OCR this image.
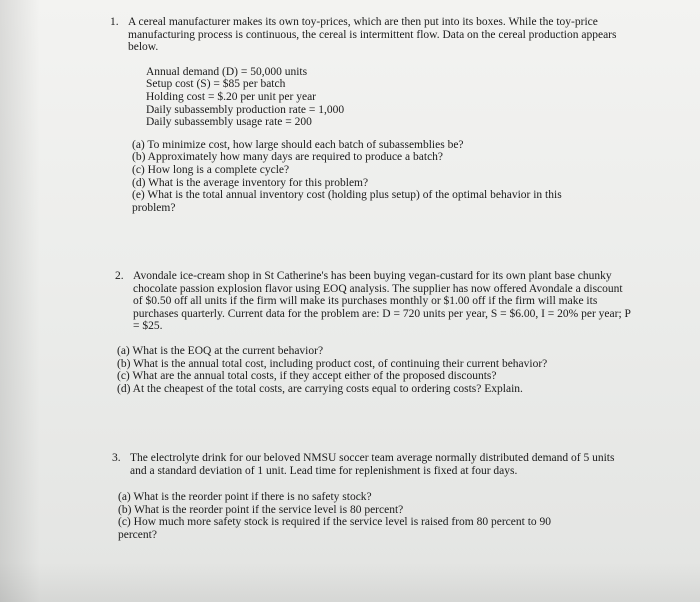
1. A cereal manufacturer makes its own toy-prices, which are then put into its boxes. While the toy-price manufacturing process is continuous, the cereal is intermittent flow. Data on the cereal production appears below.
Annual demand (D) = 50,000 units
Setup cost (S) = $85 per batch
Holding cost = $.20 per unit per year
Daily subassembly production rate = 1,000
Daily subassembly usage rate = 200
(a) To minimize cost, how large should each batch of subassemblies be?
(b) Approximately how many days are required to produce a batch?
(c) How long is a complete cycle?
(d) What is the average inventory for this problem?
(e) What is the total annual inventory cost (holding plus setup) of the optimal behavior in this problem?
2. Avondale ice-cream shop in St Catherine's has been buying vegan-custard for its own plant base chunky chocolate passion explosion flavor using EOQ analysis. The supplier has now offered Avondale a discount of $0.50 off all units if the firm will make its purchases monthly or $1.00 off if the firm will make its purchases quarterly. Current data for the problem are: D = 720 units per year, S = $6.00, I = 20% per year; P = $25.
(a) What is the EOQ at the current behavior?
(b) What is the annual total cost, including product cost, of continuing their current behavior?
(c) What are the annual total costs, if they accept either of the proposed discounts?
(d) At the cheapest of the total costs, are carrying costs equal to ordering costs? Explain.
3. The electrolyte drink for our beloved NMSU soccer team average normally distributed demand of 5 units and a standard deviation of 1 unit. Lead time for replenishment is fixed at four days.
(a) What is the reorder point if there is no safety stock?
(b) What is the reorder point if the service level is 80 percent?
(c) How much more safety stock is required if the service level is raised from 80 percent to 90 percent?
